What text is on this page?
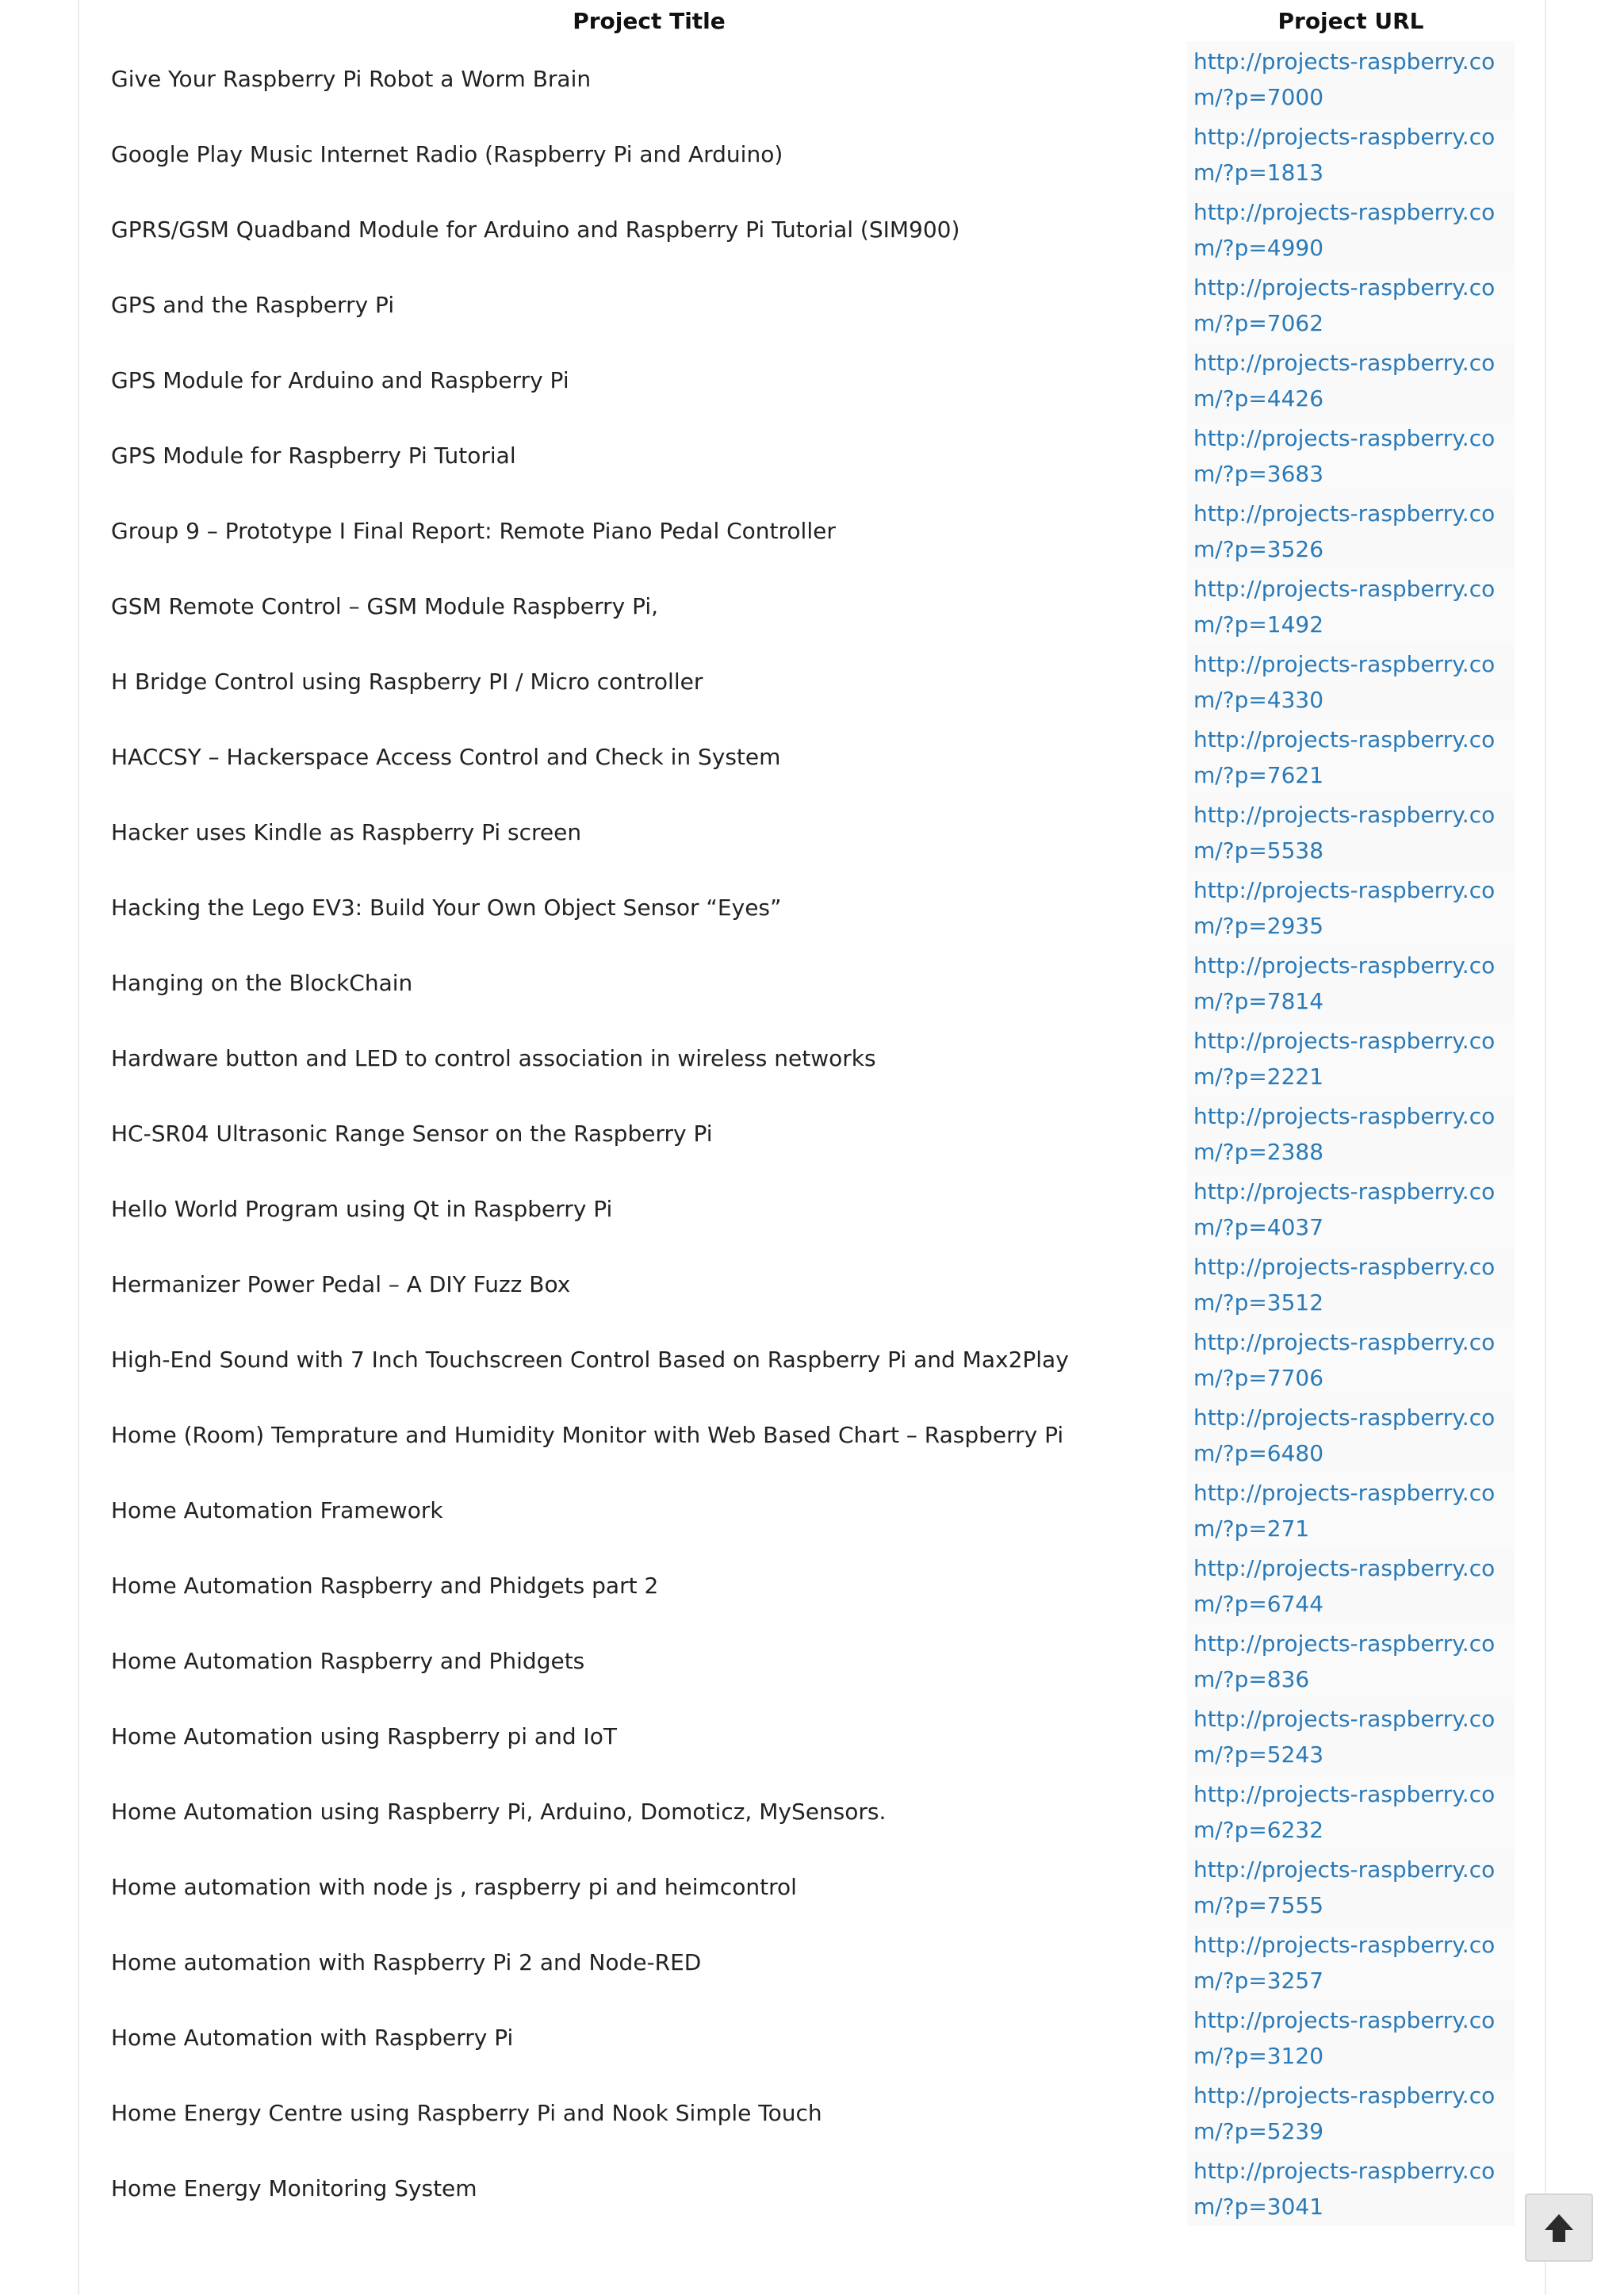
Project Title	Project URL
Give Your Raspberry Pi Robot a Worm Brain	http://projects-raspberry.com/?p=7000

Google Play Music Internet Radio (Raspberry Pi and Arduino)	http://projects-raspberry.com/?p=1813

GPRS/GSM Quadband Module for Arduino and Raspberry Pi Tutorial (SIM900)	http://projects-raspberry.com/?p=4990

GPS and the Raspberry Pi	http://projects-raspberry.com/?p=7062

GPS Module for Arduino and Raspberry Pi	http://projects-raspberry.com/?p=4426

GPS Module for Raspberry Pi Tutorial	http://projects-raspberry.com/?p=3683

Group 9 – Prototype I Final Report: Remote Piano Pedal Controller	http://projects-raspberry.com/?p=3526

GSM Remote Control – GSM Module Raspberry Pi,	http://projects-raspberry.com/?p=1492

H Bridge Control using Raspberry PI / Micro controller	http://projects-raspberry.com/?p=4330

HACCSY – Hackerspace Access Control and Check in System	http://projects-raspberry.com/?p=7621

Hacker uses Kindle as Raspberry Pi screen	http://projects-raspberry.com/?p=5538

Hacking the Lego EV3: Build Your Own Object Sensor “Eyes”	http://projects-raspberry.com/?p=2935

Hanging on the BlockChain	http://projects-raspberry.com/?p=7814

Hardware button and LED to control association in wireless networks	http://projects-raspberry.com/?p=2221

HC-SR04 Ultrasonic Range Sensor on the Raspberry Pi	http://projects-raspberry.com/?p=2388

Hello World Program using Qt in Raspberry Pi	http://projects-raspberry.com/?p=4037

Hermanizer Power Pedal – A DIY Fuzz Box	http://projects-raspberry.com/?p=3512

High-End Sound with 7 Inch Touchscreen Control Based on Raspberry Pi and Max2Play	http://projects-raspberry.com/?p=7706

Home (Room) Temprature and Humidity Monitor with Web Based Chart – Raspberry Pi	http://projects-raspberry.com/?p=6480

Home Automation Framework	http://projects-raspberry.com/?p=271

Home Automation Raspberry and Phidgets part 2	http://projects-raspberry.com/?p=6744

Home Automation Raspberry and Phidgets	http://projects-raspberry.com/?p=836

Home Automation using Raspberry pi and IoT	http://projects-raspberry.com/?p=5243

Home Automation using Raspberry Pi, Arduino, Domoticz, MySensors.	http://projects-raspberry.com/?p=6232

Home automation with node js , raspberry pi and heimcontrol	http://projects-raspberry.com/?p=7555

Home automation with Raspberry Pi 2 and Node-RED	http://projects-raspberry.com/?p=3257

Home Automation with Raspberry Pi	http://projects-raspberry.com/?p=3120

Home Energy Centre using Raspberry Pi and Nook Simple Touch	http://projects-raspberry.com/?p=5239

Home Energy Monitoring System	http://projects-raspberry.com/?p=3041
